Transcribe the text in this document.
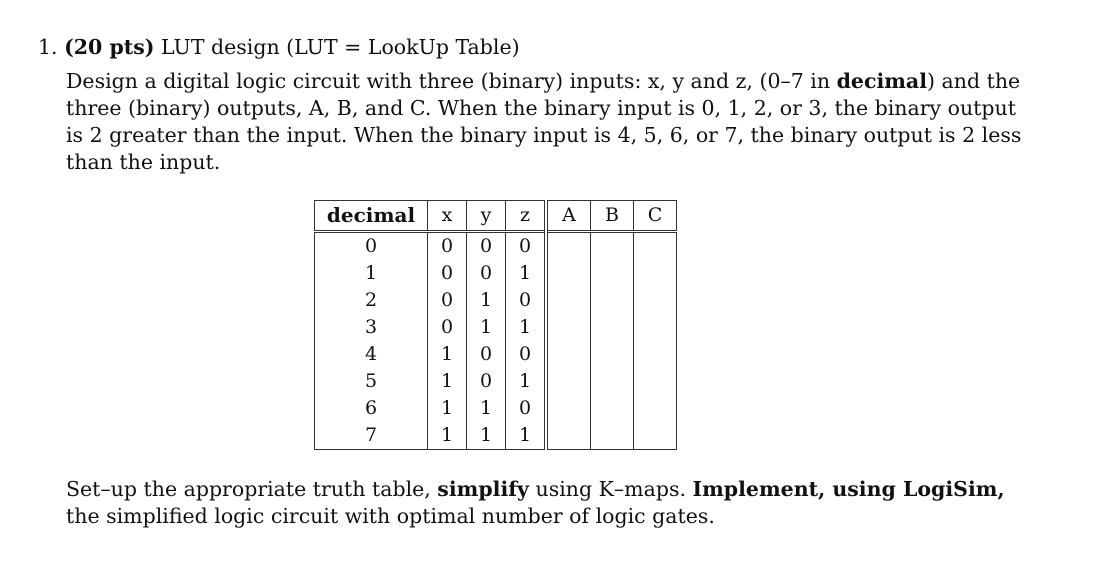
1. (20 pts) LUT design (LUT = LookUp Table)
Design a digital logic circuit with three (binary) inputs: x, y and z, (0–7 in decimal) and the
three (binary) outputs, A, B, and C. When the binary input is 0, 1, 2, or 3, the binary output
is 2 greater than the input. When the binary input is 4, 5, 6, or 7, the binary output is 2 less
than the input.
decimal	x	y	z	A	B	C
0	0	0	0			
1	0	0	1			
2	0	1	0			
3	0	1	1			
4	1	0	0			
5	1	0	1			
6	1	1	0			
7	1	1	1			
Set–up the appropriate truth table, simplify using K–maps. Implement, using LogiSim,
the simplified logic circuit with optimal number of logic gates.
